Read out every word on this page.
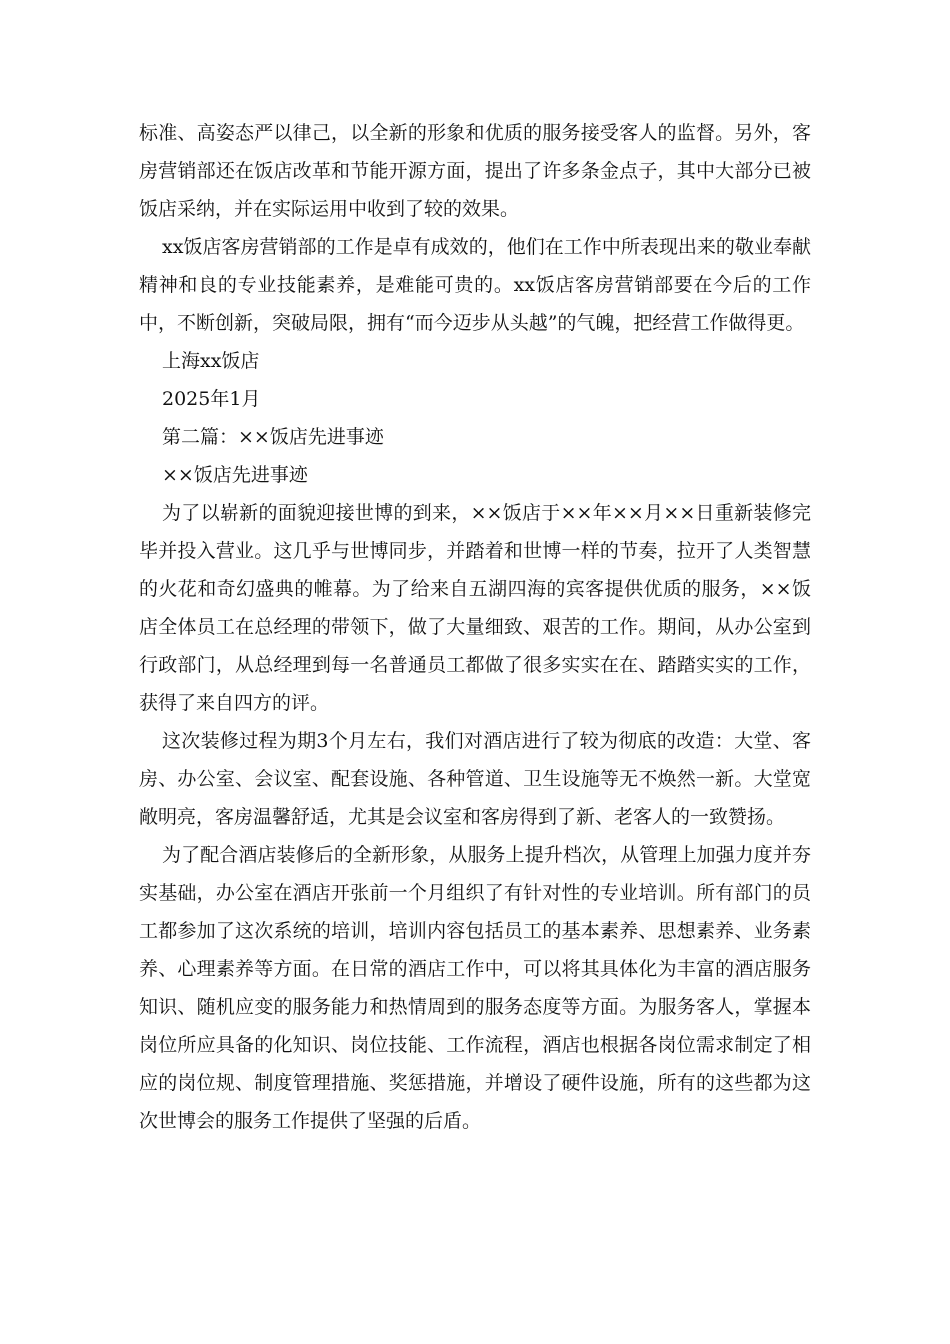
标准、高姿态严以律己，以全新的形象和优质的服务接受客人的监督。另外，客房营销部还在饭店改革和节能开源方面，提出了许多条金点子，其中大部分已被饭店采纳，并在实际运用中收到了较的效果。

xx饭店客房营销部的工作是卓有成效的，他们在工作中所表现出来的敬业奉献精神和良的专业技能素养，是难能可贵的。xx饭店客房营销部要在今后的工作中，不断创新，突破局限，拥有“而今迈步从头越”的气魄，把经营工作做得更。

上海xx饭店

2025年1月

第二篇：××饭店先进事迹

××饭店先进事迹

为了以崭新的面貌迎接世博的到来，××饭店于××年××月××日重新装修完毕并投入营业。这几乎与世博同步，并踏着和世博一样的节奏，拉开了人类智慧的火花和奇幻盛典的帷幕。为了给来自五湖四海的宾客提供优质的服务，××饭店全体员工在总经理的带领下，做了大量细致、艰苦的工作。期间，从办公室到行政部门，从总经理到每一名普通员工都做了很多实实在在、踏踏实实的工作，获得了来自四方的评。

这次装修过程为期3个月左右，我们对酒店进行了较为彻底的改造：大堂、客房、办公室、会议室、配套设施、各种管道、卫生设施等无不焕然一新。大堂宽敞明亮，客房温馨舒适，尤其是会议室和客房得到了新、老客人的一致赞扬。

为了配合酒店装修后的全新形象，从服务上提升档次，从管理上加强力度并夯实基础，办公室在酒店开张前一个月组织了有针对性的专业培训。所有部门的员工都参加了这次系统的培训，培训内容包括员工的基本素养、思想素养、业务素养、心理素养等方面。在日常的酒店工作中，可以将其具体化为丰富的酒店服务知识、随机应变的服务能力和热情周到的服务态度等方面。为服务客人，掌握本岗位所应具备的化知识、岗位技能、工作流程，酒店也根据各岗位需求制定了相应的岗位规、制度管理措施、奖惩措施，并增设了硬件设施，所有的这些都为这次世博会的服务工作提供了坚强的后盾。
